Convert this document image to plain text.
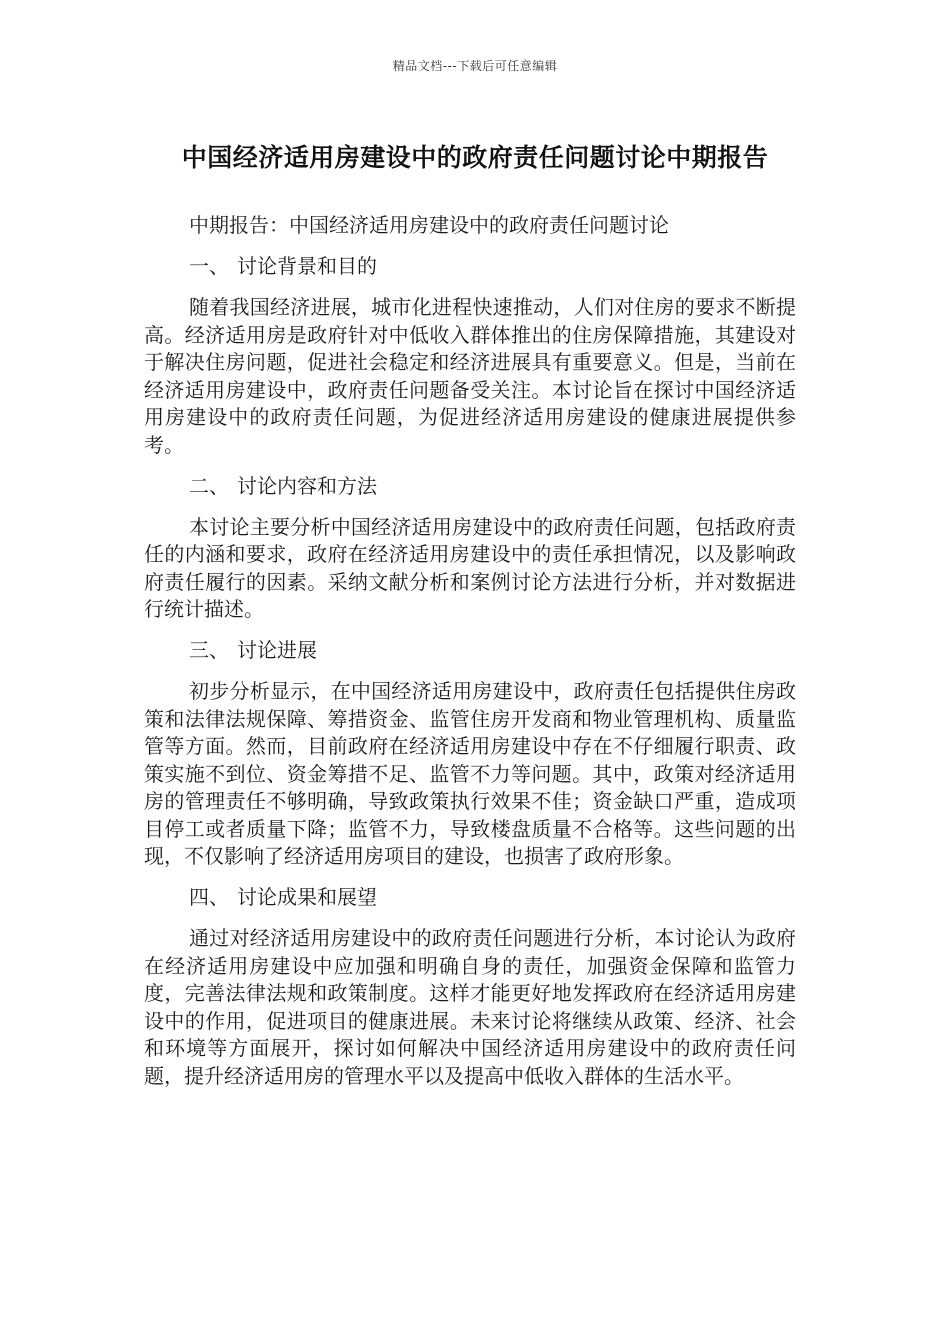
精品文档---下载后可任意编辑
中国经济适用房建设中的政府责任问题讨论中期报告

中期报告：中国经济适用房建设中的政府责任问题讨论

一、 讨论背景和目的

随着我国经济进展，城市化进程快速推动，人们对住房的要求不断提高。经济适用房是政府针对中低收入群体推出的住房保障措施，其建设对于解决住房问题，促进社会稳定和经济进展具有重要意义。但是，当前在经济适用房建设中，政府责任问题备受关注。本讨论旨在探讨中国经济适用房建设中的政府责任问题，为促进经济适用房建设的健康进展提供参考。

二、 讨论内容和方法

本讨论主要分析中国经济适用房建设中的政府责任问题，包括政府责任的内涵和要求，政府在经济适用房建设中的责任承担情况，以及影响政府责任履行的因素。采纳文献分析和案例讨论方法进行分析，并对数据进行统计描述。

三、 讨论进展

初步分析显示，在中国经济适用房建设中，政府责任包括提供住房政策和法律法规保障、筹措资金、监管住房开发商和物业管理机构、质量监管等方面。然而，目前政府在经济适用房建设中存在不仔细履行职责、政策实施不到位、资金筹措不足、监管不力等问题。其中，政策对经济适用房的管理责任不够明确，导致政策执行效果不佳；资金缺口严重，造成项目停工或者质量下降；监管不力，导致楼盘质量不合格等。这些问题的出现，不仅影响了经济适用房项目的建设，也损害了政府形象。

四、 讨论成果和展望

通过对经济适用房建设中的政府责任问题进行分析，本讨论认为政府在经济适用房建设中应加强和明确自身的责任，加强资金保障和监管力度，完善法律法规和政策制度。这样才能更好地发挥政府在经济适用房建设中的作用，促进项目的健康进展。未来讨论将继续从政策、经济、社会和环境等方面展开，探讨如何解决中国经济适用房建设中的政府责任问题，提升经济适用房的管理水平以及提高中低收入群体的生活水平。
